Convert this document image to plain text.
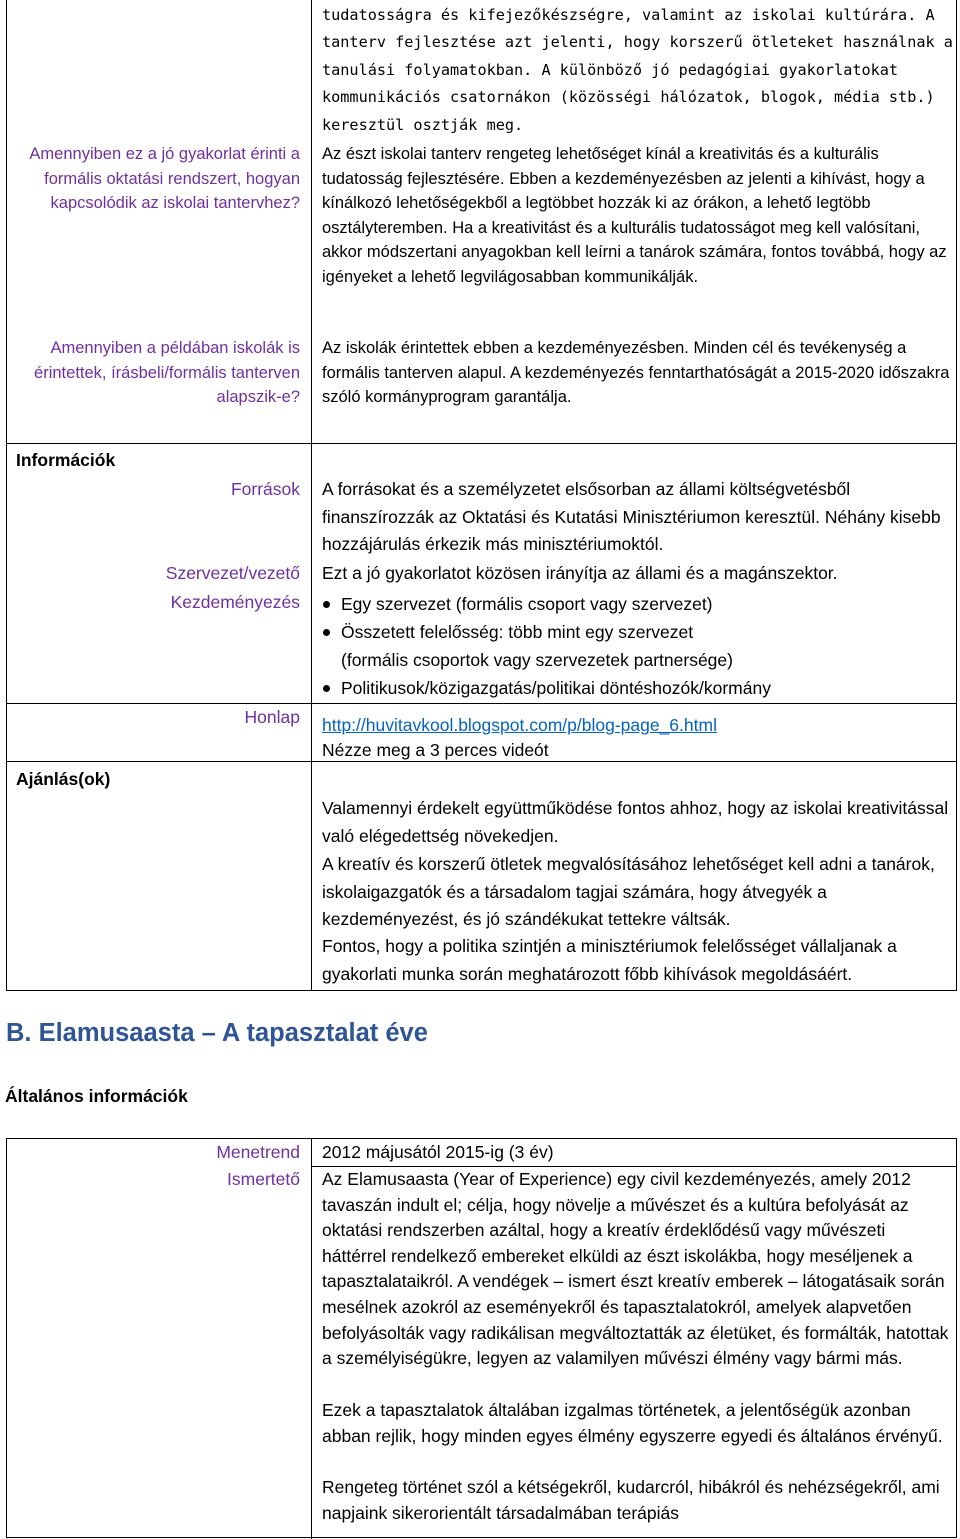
tudatosságra és kifejezőkészségre, valamint az iskolai kultúrára. A tanterv fejlesztése azt jelenti, hogy korszerű ötleteket használnak a tanulási folyamatokban. A különböző jó pedagógiai gyakorlatokat kommunikációs csatornákon (közösségi hálózatok, blogok, média stb.) keresztül osztják meg.
Amennyiben ez a jó gyakorlat érinti a formális oktatási rendszert, hogyan kapcsolódik az iskolai tantervhez?
Az észt iskolai tanterv rengeteg lehetőséget kínál a kreativitás és a kulturális tudatosság fejlesztésére. Ebben a kezdeményezésben az jelenti a kihívást, hogy a kínálkozó lehetőségekből a legtöbbet hozzák ki az órákon, a lehető legtöbb osztályteremben. Ha a kreativitást és a kulturális tudatosságot meg kell valósítani, akkor módszertani anyagokban kell leírni a tanárok számára, fontos továbbá, hogy az igényeket a lehető legvilágosabban kommunikálják.
Amennyiben a példában iskolák is érintettek, írásbeli/formális tanterven alapszik-e?
Az iskolák érintettek ebben a kezdeményezésben. Minden cél és tevékenység a formális tanterven alapul. A kezdeményezés fenntarthatóságát a 2015-2020 időszakra szóló kormányprogram garantálja.
Információk
Források A forrásokat és a személyzetet elsősorban az állami költségvetésből finanszírozzák az Oktatási és Kutatási Minisztériumon keresztül. Néhány kisebb hozzájárulás érkezik más minisztériumoktól.
Szervezet/vezető Ezt a jó gyakorlatot közösen irányítja az állami és a magánszektor.
Kezdeményezés	Egy szervezet (formális csoport vagy szervezet)
Összetett felelősség: több mint egy szervezet
(formális csoportok vagy szervezetek partnersége)
Politikusok/közigazgatás/politikai döntéshozók/kormány
Honlap http://huvitavkool.blogspot.com/p/blog-page_6.html
Nézze meg a 3 perces videót
Ajánlás(ok)
Valamennyi érdekelt együttműködése fontos ahhoz, hogy az iskolai kreativitással való elégedettség növekedjen.
A kreatív és korszerű ötletek megvalósításához lehetőséget kell adni a tanárok, iskolaigazgatók és a társadalom tagjai számára, hogy átvegyék a kezdeményezést, és jó szándékukat tettekre váltsák.
Fontos, hogy a politika szintjén a minisztériumok felelősséget vállaljanak a gyakorlati munka során meghatározott főbb kihívások megoldásáért.
B. Elamusaasta – A tapasztalat éve
Általános információk
Menetrend 2012 májusától 2015-ig (3 év)
Ismertető Az Elamusaasta (Year of Experience) egy civil kezdeményezés, amely 2012 tavaszán indult el; célja, hogy növelje a művészet és a kultúra befolyását az oktatási rendszerben azáltal, hogy a kreatív érdeklődésű vagy művészeti háttérrel rendelkező embereket elküldi az észt iskolákba, hogy meséljenek a tapasztalataikról. A vendégek – ismert észt kreatív emberek – látogatásaik során mesélnek azokról az eseményekről és tapasztalatokról, amelyek alapvetően befolyásolták vagy radikálisan megváltoztatták az életüket, és formálták, hatottak a személyiségükre, legyen az valamilyen művészi élmény vagy bármi más.
Ezek a tapasztalatok általában izgalmas történetek, a jelentőségük azonban abban rejlik, hogy minden egyes élmény egyszerre egyedi és általános érvényű.
Rengeteg történet szól a kétségekről, kudarcról, hibákról és nehézségekről, ami napjaink sikerorientált társadalmában terápiás
